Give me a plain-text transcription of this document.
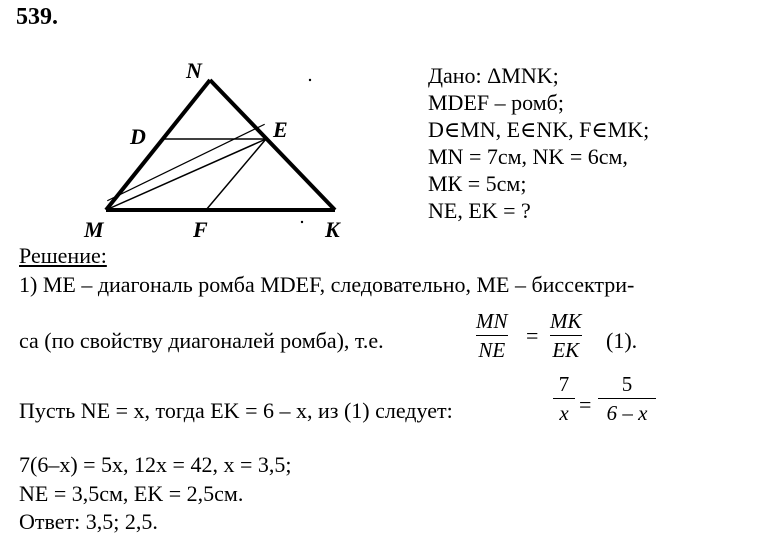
539.
N
D	E
M	F	K
Дано: ΔMNK;
MDEF – ромб;
D∈MN, E∈NK, F∈MK;
MN = 7см, NK = 6см,
МК = 5см;
NE, EK = ?
Решение:
1) ME – диагональ ромба MDEF, следовательно, ME – биссектри-
са (по свойству диагоналей ромба), т.е.
MN
NE
=
MK
EK (1).
Пусть NE = x, тогда EK = 6 – x, из (1) следует:
7
x =
5
6 – x
7(6–x) = 5x, 12x = 42, x = 3,5;
NE = 3,5см, EK = 2,5см.
Ответ: 3,5; 2,5.
